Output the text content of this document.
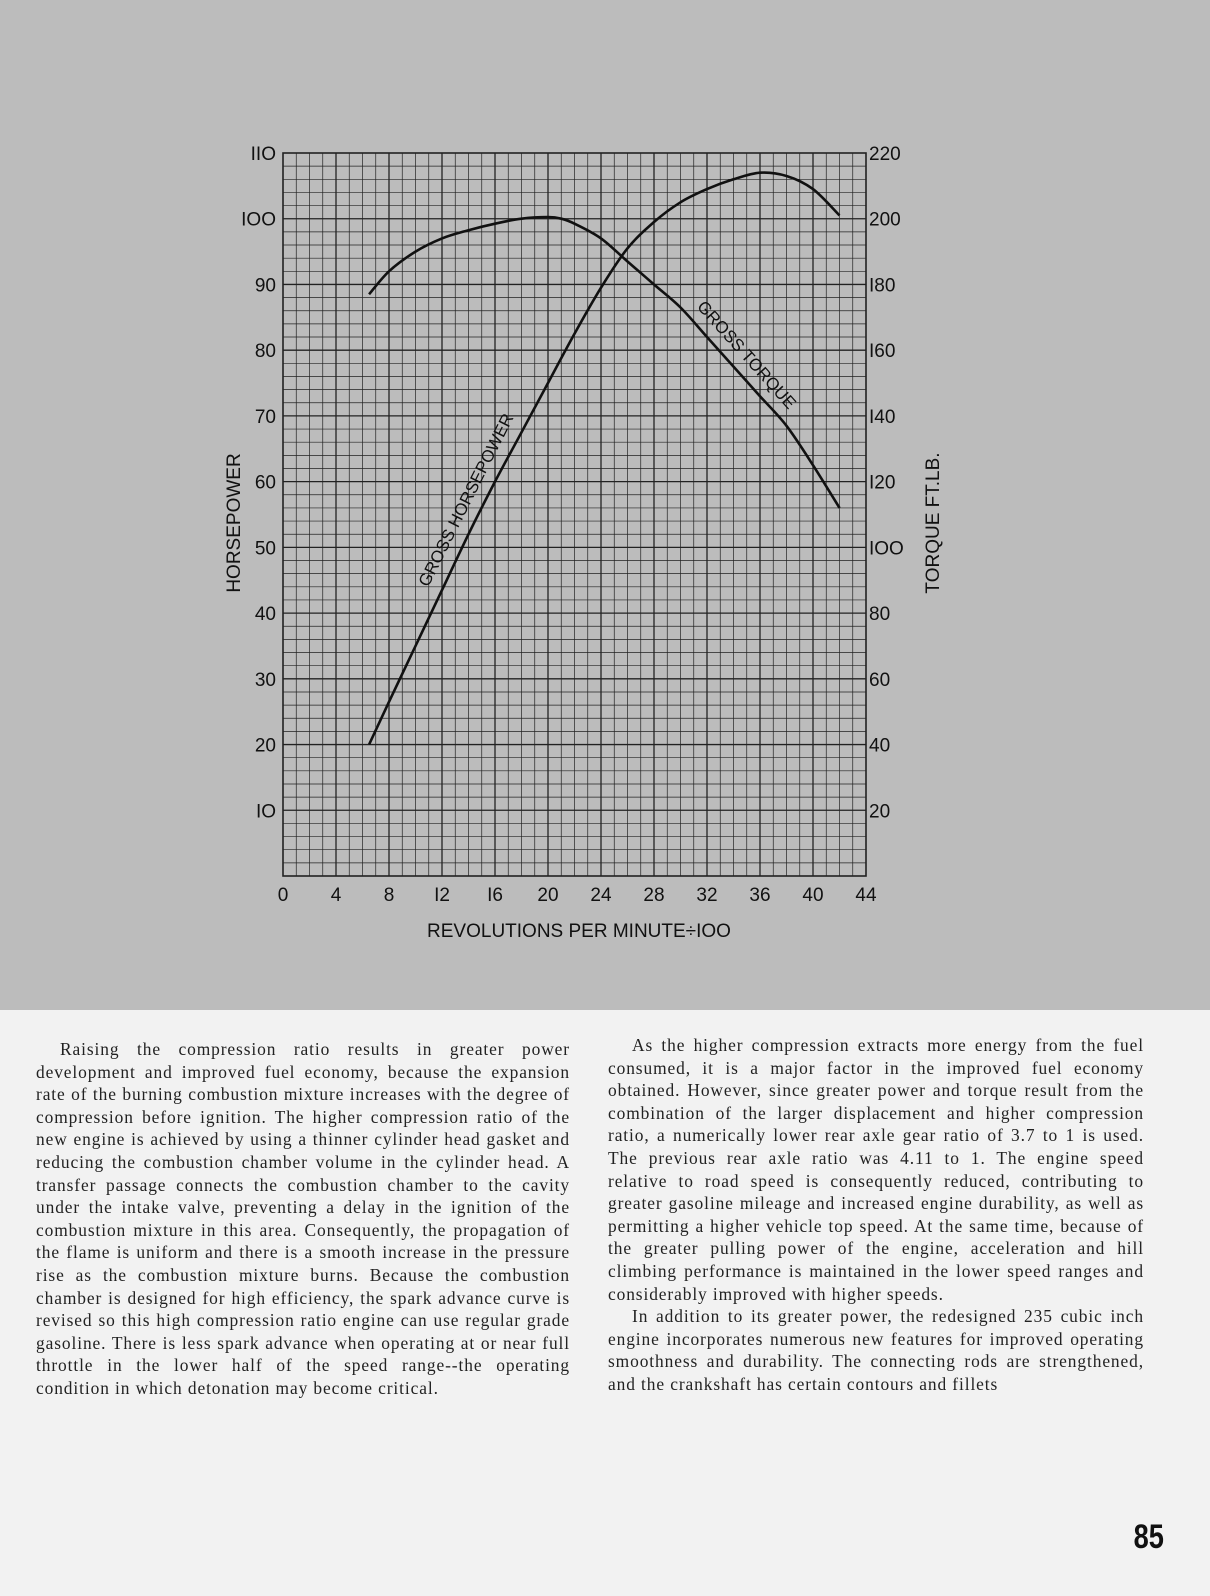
0 4 8 I2 I6 20 24 28 32 36 40 44
IO
20
30
40
50
60
70
80
90
IOO
IIO
20
40
60
80
IOO
I20
I40
I60
I80
200
220
REVOLUTIONS PER MINUTE÷IOO
HORSEPOWER	TORQUE FT.LB.
GROSS HORSEPOWER
GROSS TORQUE

Raising the compression ratio results in greater power development and improved fuel economy, because the expansion rate of the burning combustion mixture increases with the degree of compression before ignition. The higher compression ratio of the new engine is achieved by using a thinner cylinder head gasket and reducing the combustion chamber volume in the cylinder head. A transfer passage connects the combustion chamber to the cavity under the intake valve, preventing a delay in the ignition of the combustion mixture in this area. Consequently, the propagation of the flame is uniform and there is a smooth increase in the pressure rise as the combustion mixture burns. Because the combustion chamber is designed for high efficiency, the spark advance curve is revised so this high compression ratio engine can use regular grade gasoline. There is less spark advance when operating at or near full throttle in the lower half of the speed range--the operating condition in which detonation may become critical.

As the higher compression extracts more energy from the fuel consumed, it is a major factor in the improved fuel economy obtained. However, since greater power and torque result from the combination of the larger displacement and higher compression ratio, a numerically lower rear axle gear ratio of 3.7 to 1 is used. The previous rear axle ratio was 4.11 to 1. The engine speed relative to road speed is consequently reduced, contributing to greater gasoline mileage and increased engine durability, as well as permitting a higher vehicle top speed. At the same time, because of the greater pulling power of the engine, acceleration and hill climbing performance is maintained in the lower speed ranges and considerably improved with higher speeds.

In addition to its greater power, the redesigned 235 cubic inch engine incorporates numerous new features for improved operating smoothness and durability. The connecting rods are strengthened, and the crankshaft has certain contours and fillets

85
